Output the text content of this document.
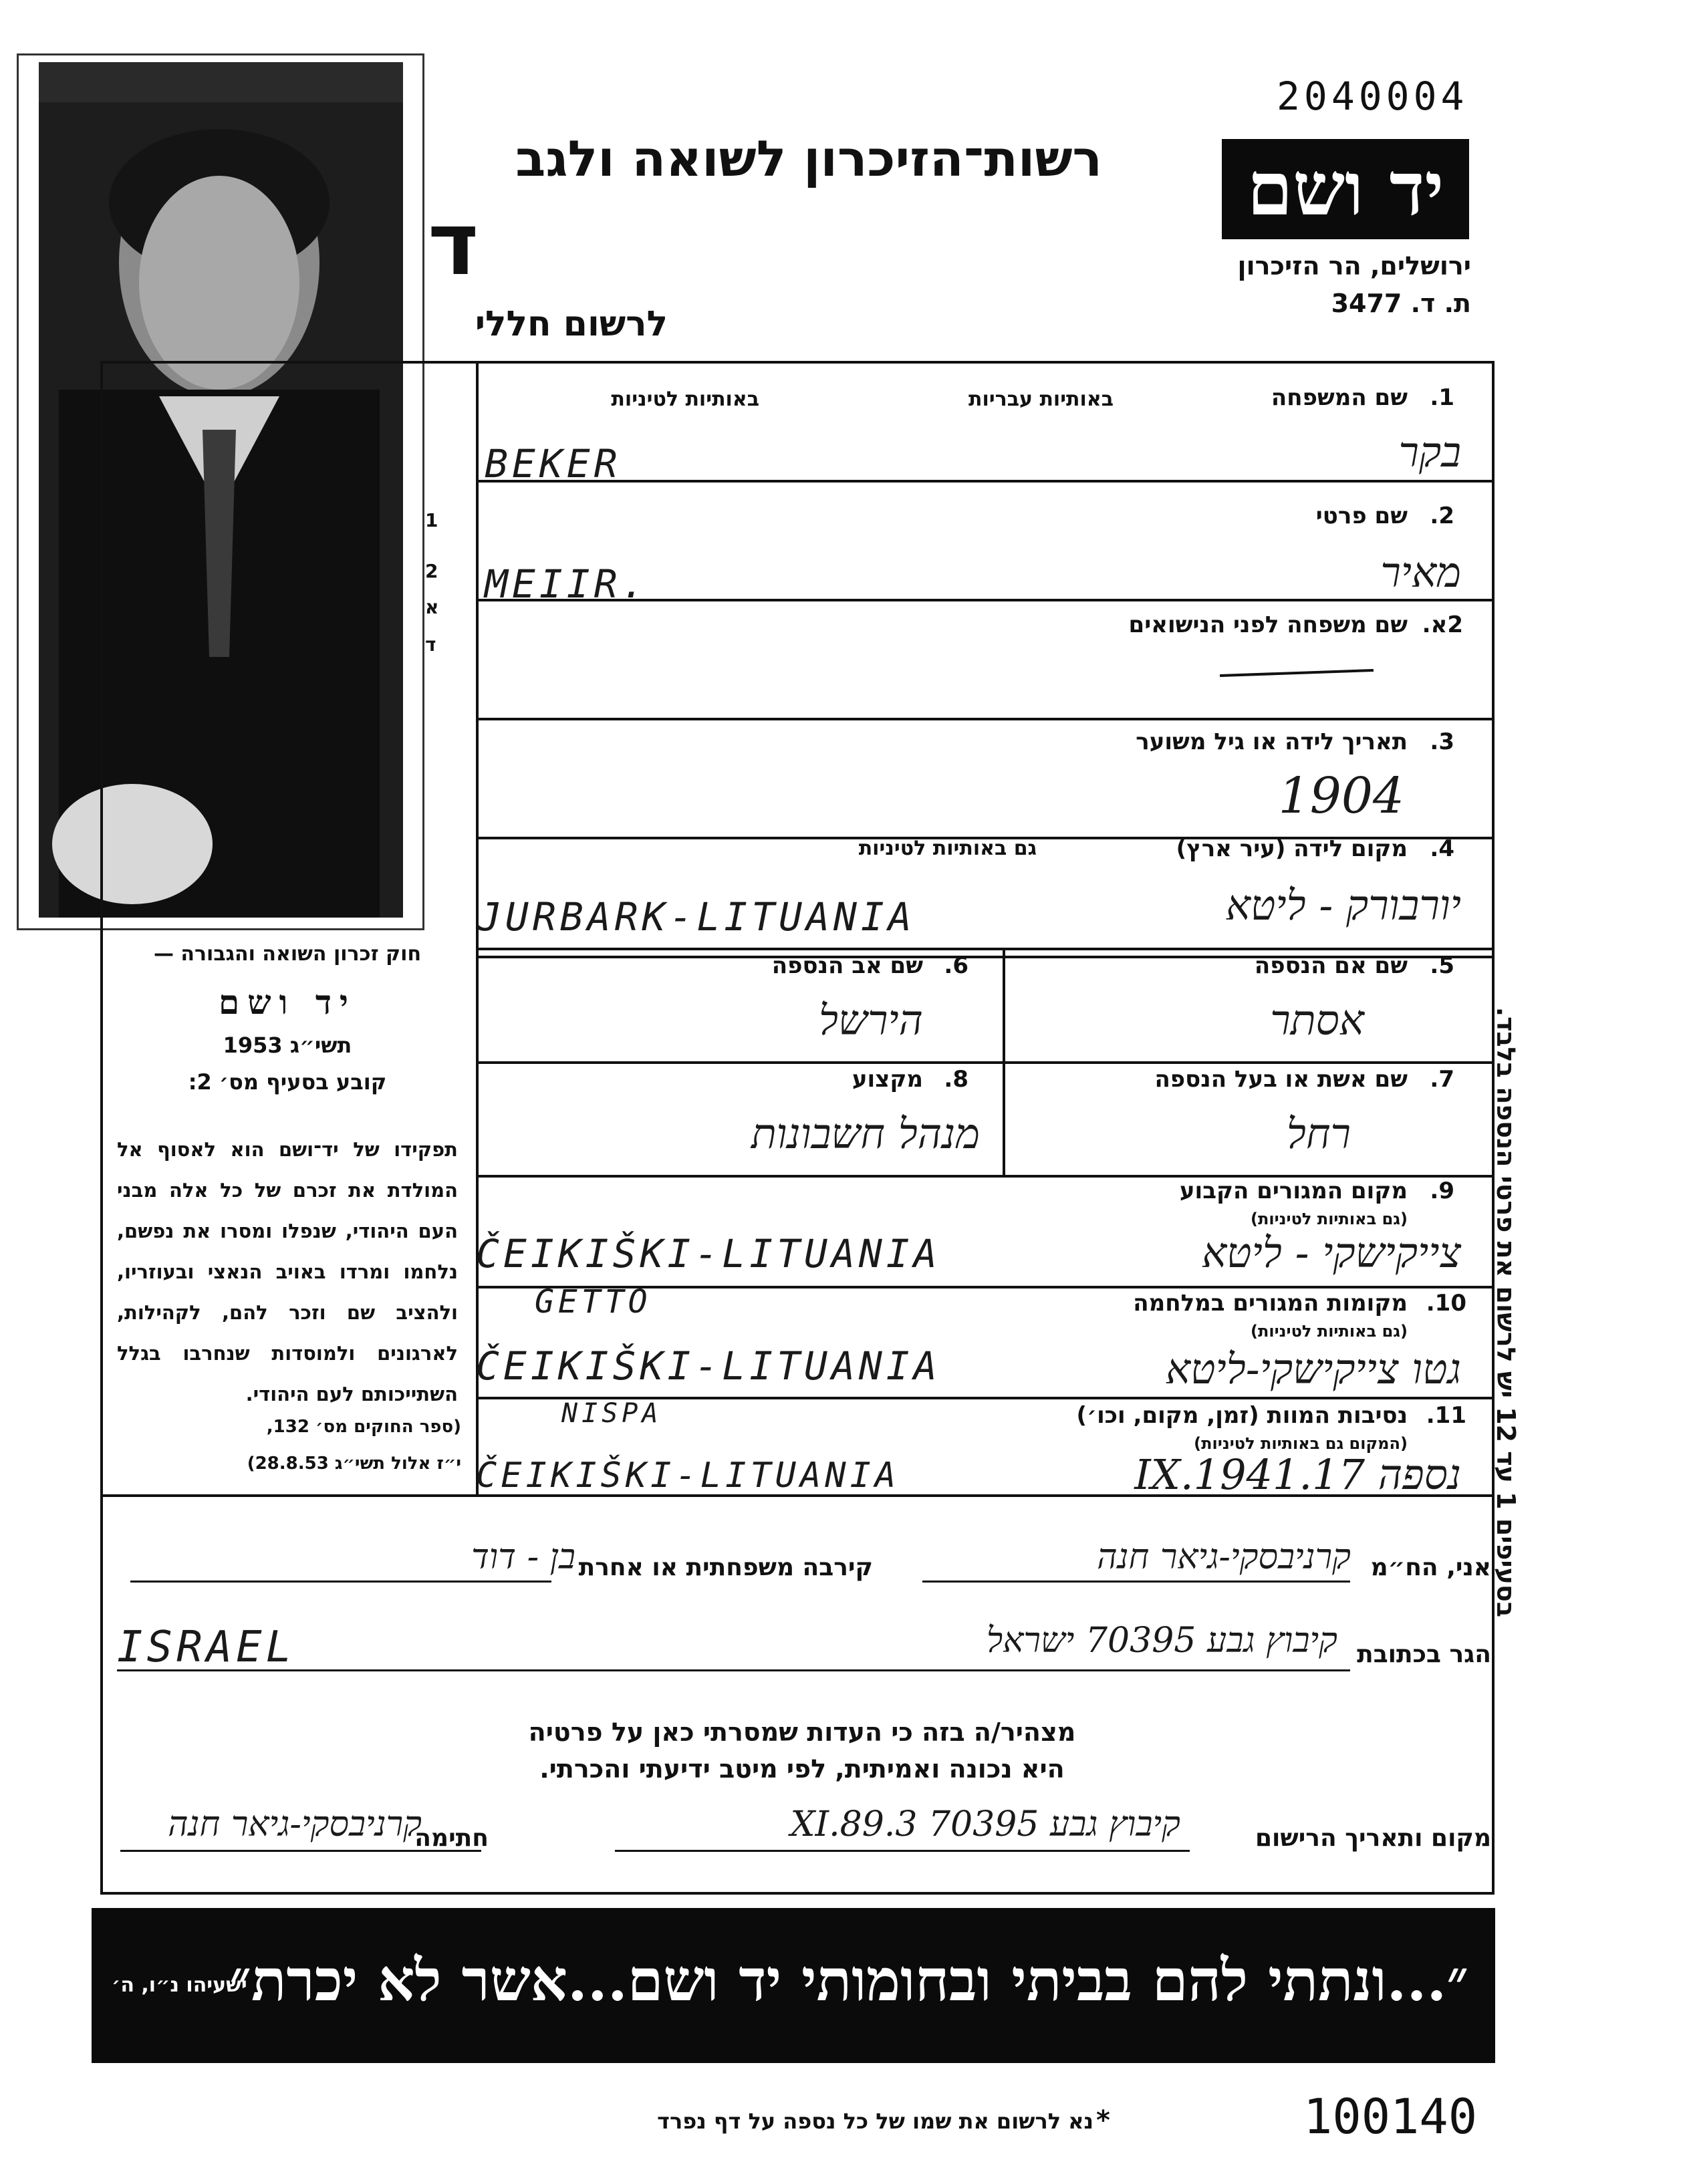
2040004
יד ושם
ירושלים, הר הזיכרון
ת. ד. 3477
רשות־הזיכרון לשואה ולגב
ד
לרשום חללי
1
2
א
ד
בסעיפים 1 עד 12 יש לרשום את פרטי הנספה בלבד.
1.
שם המשפחה
באותיות עבריות
באותיות לטיניות
בקר
BEKER
2.
שם פרטי
מאיר
MEIIR.
2א.
שם משפחה לפני הנישואים
3.
תאריך לידה או גיל משוער
1904
4.
מקום לידה (עיר ארץ)
גם באותיות לטיניות
יורבורק - ליטא
JURBARK-LITUANIA
5.
שם אם הנספה
אסתר
6.
שם אב הנספה
הירשל
7.
שם אשת או בעל הנספה
רחל
8.
מקצוע
מנהל חשבונות
9.
מקום המגורים הקבוע
(גם באותיות לטיניות)
צייקישקי - ליטא
ČEIKIŠKI-LITUANIA
10.
מקומות המגורים במלחמה
(גם באותיות לטיניות)
GETTO
גטו צייקישקי-ליטא
ČEIKIŠKI-LITUANIA
11.
נסיבות המוות (זמן, מקום, וכו׳)
(המקום גם באותיות לטיניות)
NISPA
נספה 17.IX.1941
ČEIKIŠKI-LITUANIA
חוק זכרון השואה והגבורה —
יד ושם
תשי״ג 1953
קובע בסעיף מס׳ 2:
תפקידו של יד־ושם הוא לאסוף אל המולדת את זכרם של כל אלה מבני העם היהודי, שנפלו ומסרו את נפשם, נלחמו ומרדו באויב הנאצי ובעוזריו, ולהציב שם וזכר להם, לקהילות, לארגונים ולמוסדות שנחרבו בגלל השתייכותם לעם היהודי.
(ספר החוקים מס׳ 132,
י״ז אלול תשי״ג 28.8.53)
אני, הח״מ
קרניבסקי-גיאר חנה
קירבה משפחתית או אחרת
בן - דוד
הגר בכתובת
קיבוץ גבע 70395 ישראל
ISRAEL
מצהיר/ה בזה כי העדות שמסרתי כאן על פרטיה
היא נכונה ואמיתית, לפי מיטב ידיעתי והכרתי.
מקום ותאריך הרישום
קיבוץ גבע 70395 3.XI.89
חתימה
קרניבסקי-גיאר חנה
״...ונתתי להם בביתי ובחומותי יד ושם...אשר לא יכרת״
ישעיהו נ״ו, ה׳
נא לרשום את שמו של כל נספה על דף נפרד *	100140
